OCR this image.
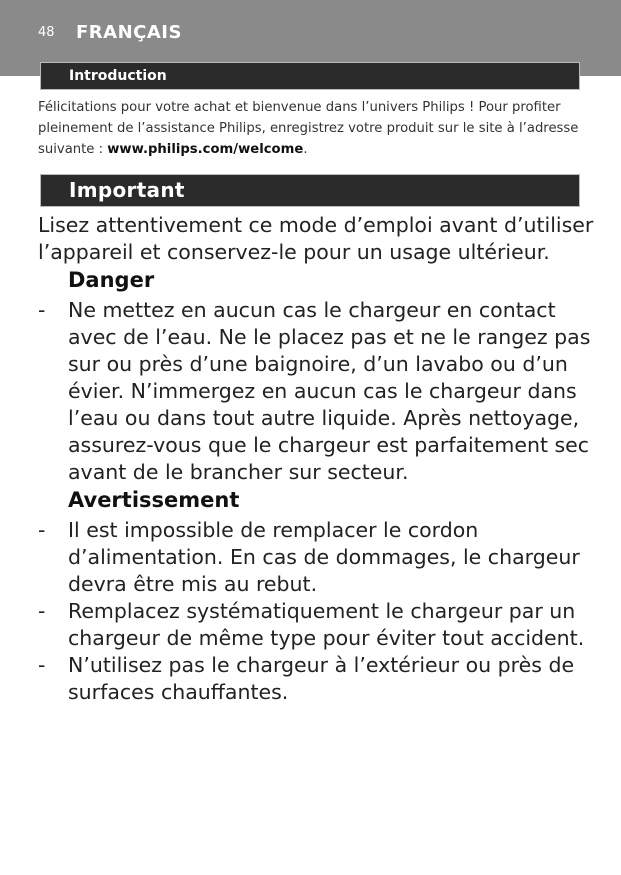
48 FRANÇAIS
Introduction
Félicitations pour votre achat et bienvenue dans l’univers Philips ! Pour profiter pleinement de l’assistance Philips, enregistrez votre produit sur le site à l’adresse suivante : www.philips.com/welcome.
Important
Lisez attentivement ce mode d’emploi avant d’utiliser l’appareil et conservez-le pour un usage ultérieur.
Danger
- Ne mettez en aucun cas le chargeur en contact avec de l’eau. Ne le placez pas et ne le rangez pas sur ou près d’une baignoire, d’un lavabo ou d’un évier. N’immergez en aucun cas le chargeur dans l’eau ou dans tout autre liquide. Après nettoyage, assurez-vous que le chargeur est parfaitement sec avant de le brancher sur secteur.
Avertissement
- Il est impossible de remplacer le cordon d’alimentation. En cas de dommages, le chargeur devra être mis au rebut.
- Remplacez systématiquement le chargeur par un chargeur de même type pour éviter tout accident.
- N’utilisez pas le chargeur à l’extérieur ou près de surfaces chauffantes.
